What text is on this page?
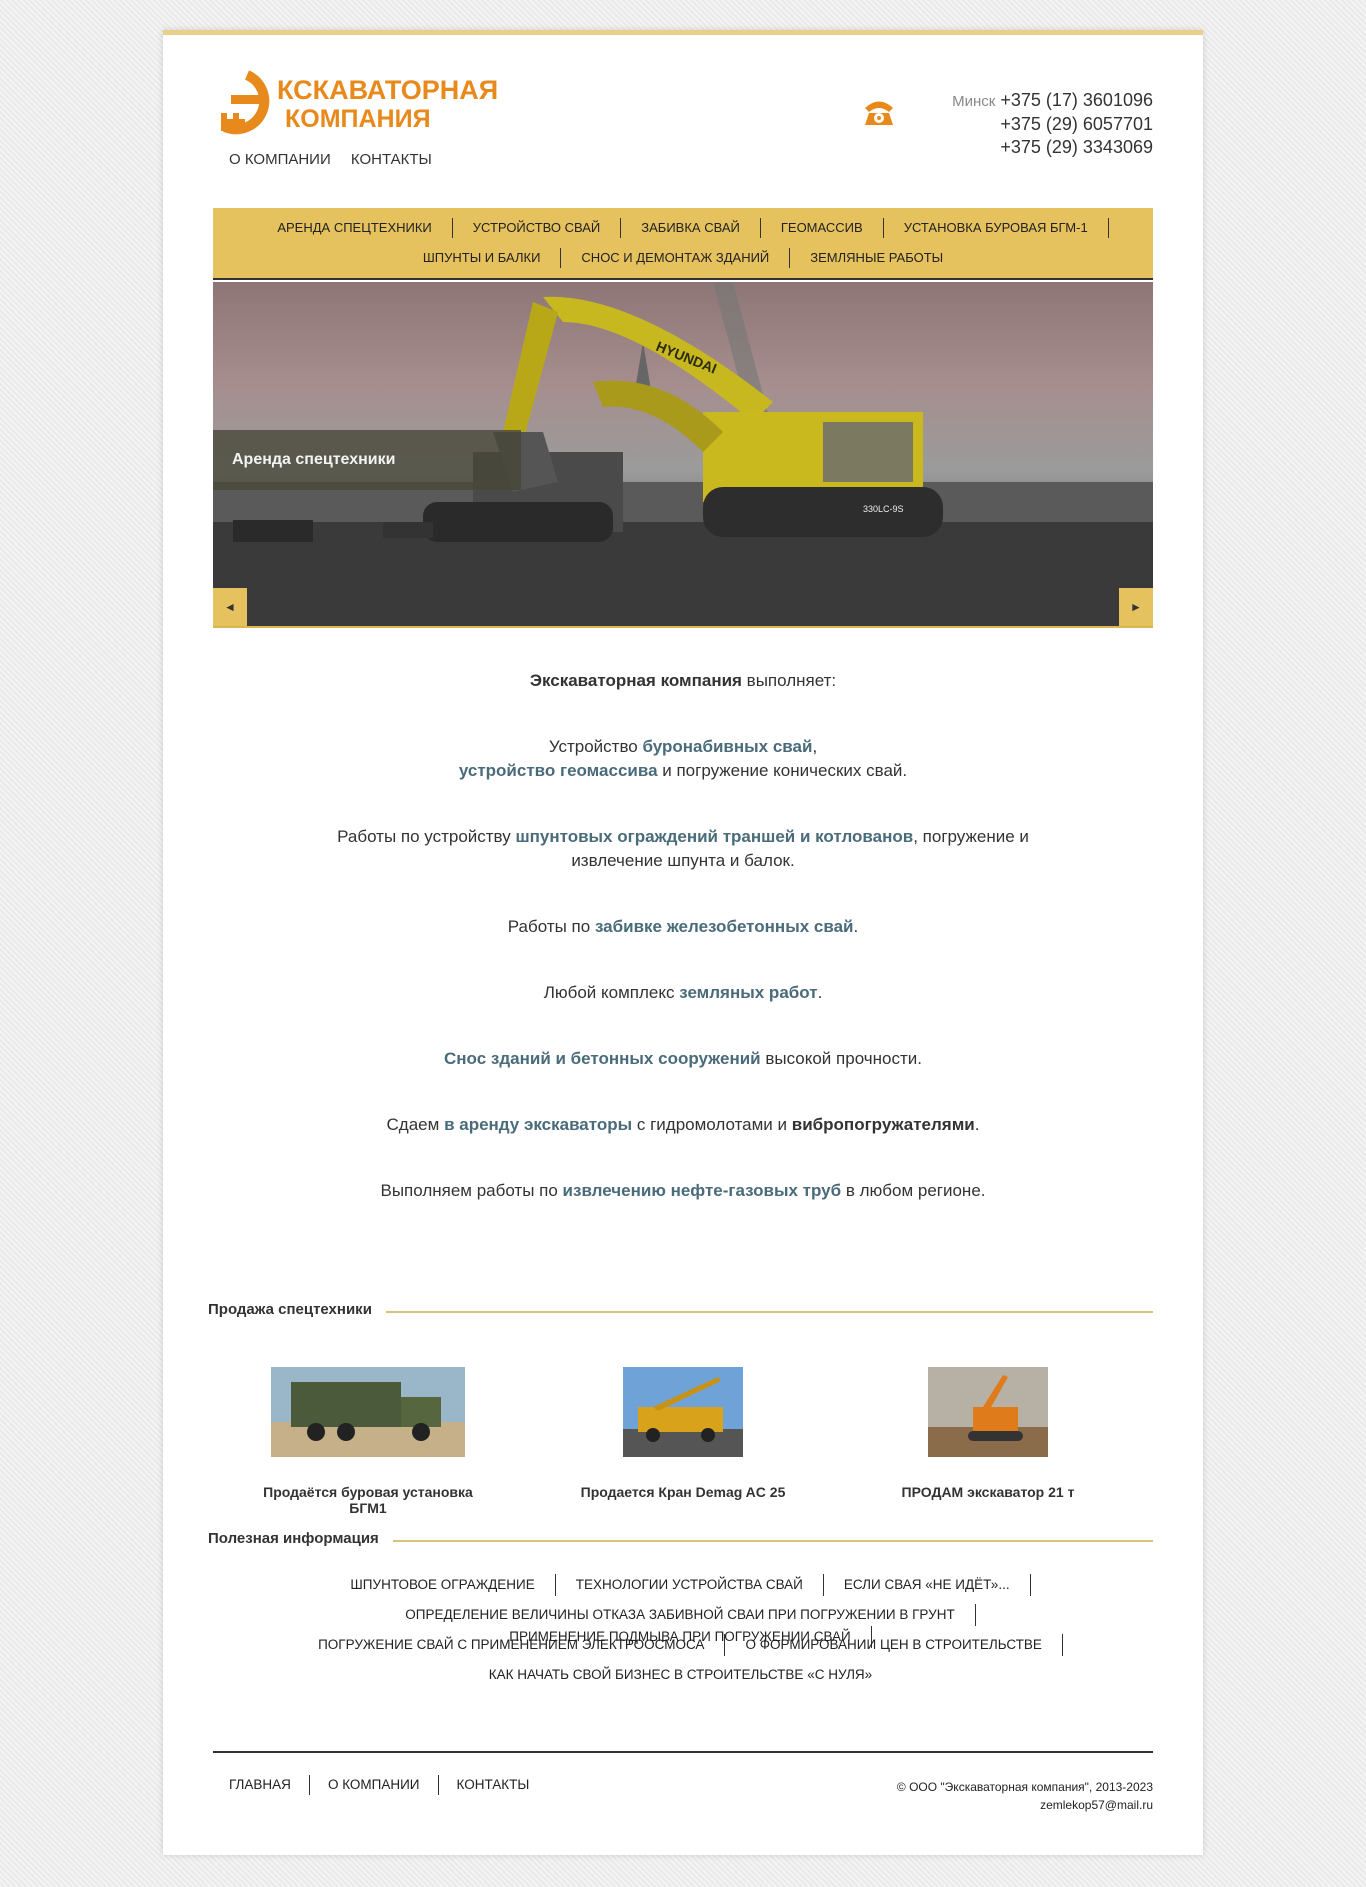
КСКАВАТОРНАЯ
КОМПАНИЯ
О КОМПАНИИ КОНТАКТЫ
Минск +375 (17) 3601096
+375 (29) 6057701
+375 (29) 3343069
АРЕНДА СПЕЦТЕХНИКИ	УСТРОЙСТВО СВАЙ	ЗАБИВКА СВАЙ	ГЕОМАССИВ	УСТАНОВКА БУРОВАЯ БГМ-1
ШПУНТЫ И БАЛКИ	СНОС И ДЕМОНТАЖ ЗДАНИЙ	ЗЕМЛЯНЫЕ РАБОТЫ
HYUNDAI
330LC-9S
Аренда спецтехники
◄	►

Экскаваторная компания выполняет:

Устройство буронабивных свай,
устройство геомассива и погружение конических свай.

Работы по устройству шпунтовых ограждений траншей и котлованов, погружение и извлечение шпунта и балок.

Работы по забивке железобетонных свай.

Любой комплекс земляных работ.

Снос зданий и бетонных сооружений высокой прочности.

Сдаем в аренду экскаваторы с гидромолотами и вибропогружателями.

Выполняем работы по извлечению нефте-газовых труб в любом регионе.

Продажа спецтехники
Продаётся буровая установка БГМ1
Продается Кран Demag AC 25	ПРОДАМ экскаватор 21 т
Полезная информация
ШПУНТОВОЕ ОГРАЖДЕНИЕ	ТЕХНОЛОГИИ УСТРОЙСТВА СВАЙ	ЕСЛИ СВАЯ «НЕ ИДЁТ»...
ОПРЕДЕЛЕНИЕ ВЕЛИЧИНЫ ОТКАЗА ЗАБИВНОЙ СВАИ ПРИ ПОГРУЖЕНИИ В ГРУНТПРИМЕНЕНИЕ ПОДМЫВА ПРИ ПОГРУЖЕНИИ СВАЙ
ПОГРУЖЕНИЕ СВАЙ С ПРИМЕНЕНИЕМ ЭЛЕКТРООСМОСА	О ФОРМИРОВАНИИ ЦЕН В СТРОИТЕЛЬСТВЕ
КАК НАЧАТЬ СВОЙ БИЗНЕС В СТРОИТЕЛЬСТВЕ «С НУЛЯ»
ГЛАВНАЯ	О КОМПАНИИ	КОНТАКТЫ	© ООО "Экскаваторная компания", 2013-2023
zemlekop57@mail.ru
